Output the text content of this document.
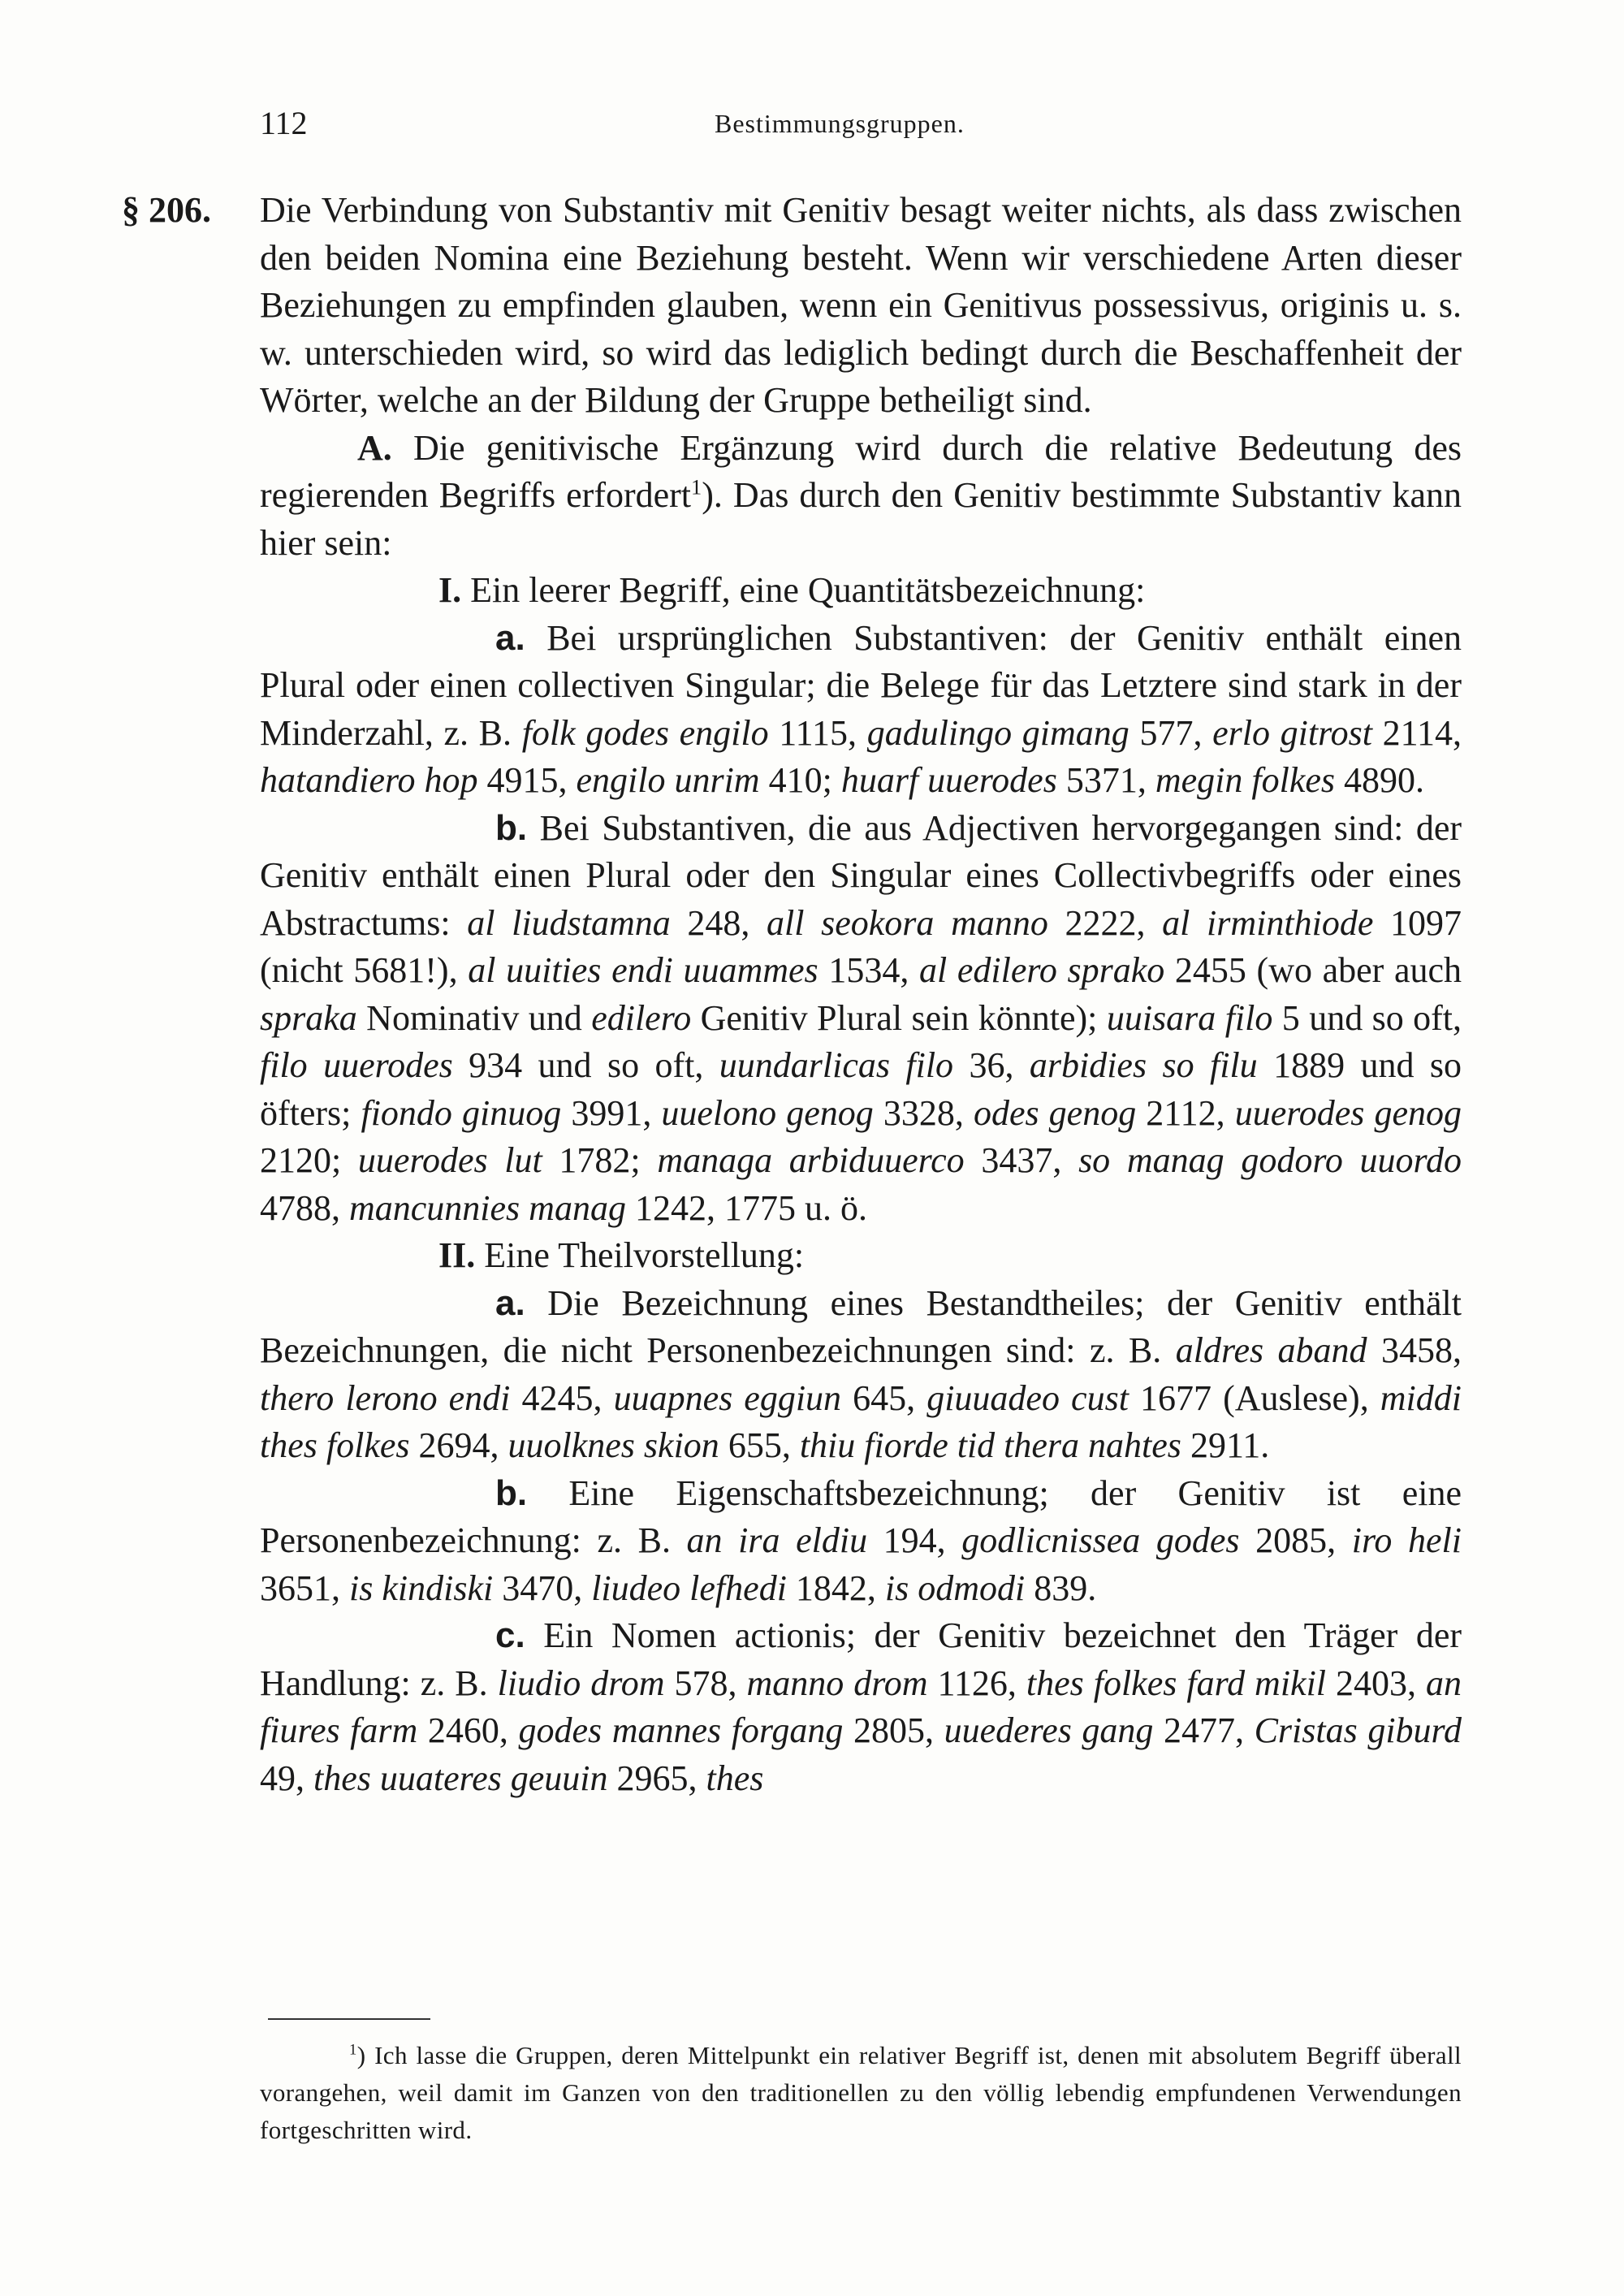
112	Bestimmungsgruppen.

§ 206. Die Verbindung von Substantiv mit Genitiv besagt weiter nichts, als dass zwischen den beiden Nomina eine Beziehung besteht. Wenn wir verschiedene Arten dieser Beziehungen zu empfinden glauben, wenn ein Genitivus possessivus, originis u. s. w. unterschieden wird, so wird das lediglich bedingt durch die Beschaffenheit der Wörter, welche an der Bildung der Gruppe betheiligt sind.

A. Die genitivische Ergänzung wird durch die relative Bedeutung des regierenden Begriffs erfordert$^1$). Das durch den Genitiv bestimmte Substantiv kann hier sein:

I. Ein leerer Begriff, eine Quantitätsbezeichnung:

a. Bei ursprünglichen Substantiven: der Genitiv enthält einen Plural oder einen collectiven Singular; die Belege für das Letztere sind stark in der Minderzahl, z. B. folk godes engilo 1115, gadulingo gimang 577, erlo gitrost 2114, hatandiero hop 4915, engilo unrim 410; huarf uuerodes 5371, megin folkes 4890.

b. Bei Substantiven, die aus Adjectiven hervorgegangen sind: der Genitiv enthält einen Plural oder den Singular eines Collectivbegriffs oder eines Abstractums: al liudstamna 248, all seokora manno 2222, al irminthiode 1097 (nicht 5681!), al uuities endi uuammes 1534, al edilero sprako 2455 (wo aber auch spraka Nominativ und edilero Genitiv Plural sein könnte); uuisara filo 5 und so oft, filo uuerodes 934 und so oft, uundarlicas filo 36, arbidies so filu 1889 und so öfters; fiondo ginuog 3991, uuelono genog 3328, odes genog 2112, uuerodes genog 2120; uuerodes lut 1782; managa arbiduuerco 3437, so manag godoro uuordo 4788, mancunnies manag 1242, 1775 u. ö.

II. Eine Theilvorstellung:

a. Die Bezeichnung eines Bestandtheiles; der Genitiv enthält Bezeichnungen, die nicht Personenbezeichnungen sind: z. B. aldres aband 3458, thero lerono endi 4245, uuapnes eggiun 645, giuuadeo cust 1677 (Auslese), middi thes folkes 2694, uuolknes skion 655, thiu fiorde tid thera nahtes 2911.

b. Eine Eigenschaftsbezeichnung; der Genitiv ist eine Personenbezeichnung: z. B. an ira eldiu 194, godlicnissea godes 2085, iro heli 3651, is kindiski 3470, liudeo lefhedi 1842, is odmodi 839.

c. Ein Nomen actionis; der Genitiv bezeichnet den Träger der Handlung: z. B. liudio drom 578, manno drom 1126, thes folkes fard mikil 2403, an fiures farm 2460, godes mannes forgang 2805, uuederes gang 2477, Cristas giburd 49, thes uuateres geuuin 2965, thes

$^1$) Ich lasse die Gruppen, deren Mittelpunkt ein relativer Begriff ist, denen mit absolutem Begriff überall vorangehen, weil damit im Ganzen von den traditionellen zu den völlig lebendig empfundenen Verwendungen fortgeschritten wird.
